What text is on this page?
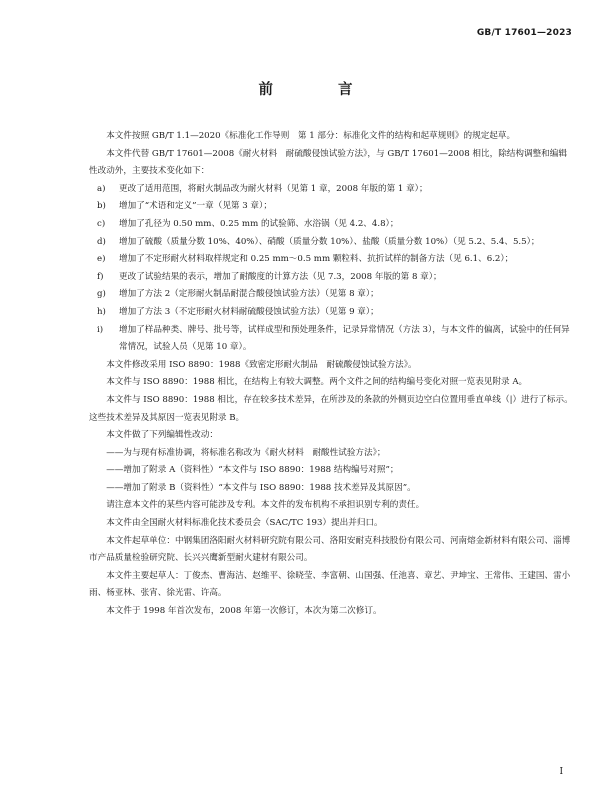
GB/T 17601—2023
前 言

本文件按照 GB/T 1.1—2020《标准化工作导则　第 1 部分：标准化文件的结构和起草规则》的规定起草。

本文件代替 GB/T 17601—2008《耐火材料　耐硫酸侵蚀试验方法》，与 GB/T 17601—2008 相比，除结构调整和编辑性改动外，主要技术变化如下：

a)	更改了适用范围，将耐火制品改为耐火材料（见第 1 章，2008 年版的第 1 章）；
b)	增加了“术语和定义”一章（见第 3 章）；
c)	增加了孔径为 0.50 mm、0.25 mm 的试验筛、水浴锅（见 4.2、4.8）；
d)	增加了硫酸（质量分数 10%、40%）、硝酸（质量分数 10%）、盐酸（质量分数 10%）（见 5.2、5.4、5.5）；
e)	增加了不定形耐火材料取样规定和 0.25 mm～0.5 mm 颗粒料、抗折试样的制备方法（见 6.1、6.2）；
f)	更改了试验结果的表示，增加了耐酸度的计算方法（见 7.3，2008 年版的第 8 章）；
g)	增加了方法 2（定形耐火制品耐混合酸侵蚀试验方法）（见第 8 章）；
h)	增加了方法 3（不定形耐火材料耐硫酸侵蚀试验方法）（见第 9 章）；
i)	增加了样品种类、牌号、批号等，试样成型和预处理条件，记录异常情况（方法 3），与本文件的偏离，试验中的任何异常情况，试验人员（见第 10 章）。

本文件修改采用 ISO 8890：1988《致密定形耐火制品　耐硫酸侵蚀试验方法》。

本文件与 ISO 8890：1988 相比，在结构上有较大调整。两个文件之间的结构编号变化对照一览表见附录 A。

本文件与 ISO 8890：1988 相比，存在较多技术差异，在所涉及的条款的外侧页边空白位置用垂直单线（|）进行了标示。这些技术差异及其原因一览表见附录 B。

本文件做了下列编辑性改动：

——为与现有标准协调，将标准名称改为《耐火材料　耐酸性试验方法》；

——增加了附录 A（资料性）“本文件与 ISO 8890：1988 结构编号对照”；

——增加了附录 B（资料性）“本文件与 ISO 8890：1988 技术差异及其原因”。

请注意本文件的某些内容可能涉及专利。本文件的发布机构不承担识别专利的责任。

本文件由全国耐火材料标准化技术委员会（SAC/TC 193）提出并归口。

本文件起草单位：中钢集团洛阳耐火材料研究院有限公司、洛阳安耐克科技股份有限公司、河南熔金新材料有限公司、淄博市产品质量检验研究院、长兴兴鹰新型耐火建材有限公司。

本文件主要起草人：丁俊杰、曹海洁、赵维平、徐晓莹、李富朝、山国强、任池喜、章艺、尹坤宝、王常伟、王建国、雷小雨、杨亚林、张宵、徐光雷、许高。

本文件于 1998 年首次发布，2008 年第一次修订，本次为第二次修订。

I
